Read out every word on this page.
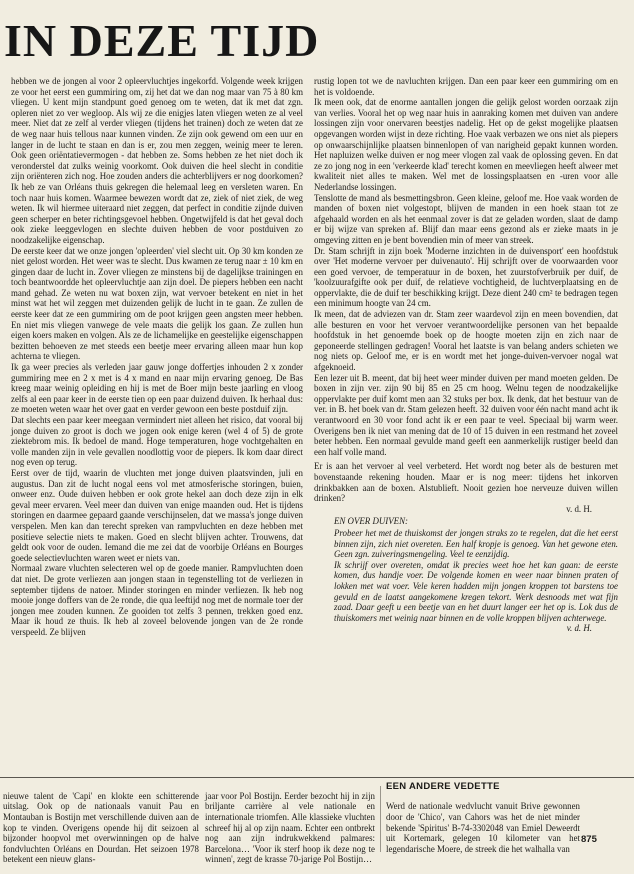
IN DEZE TIJD

hebben we de jongen al voor 2 opleervluchtjes ingekorfd. Volgende week krijgen ze voor het eerst een gummiring om, zij het dat we dan nog maar van 75 à 80 km vliegen. U kent mijn standpunt goed genoeg om te weten, dat ik met dat zgn. opleren niet zo ver wegloop. Als wij ze die enigjes laten vliegen weten ze al veel meer. Niet dat ze zelf al verder vliegen (tijdens het trainen) doch ze weten dat ze de weg naar huis tellous naar kunnen vinden. Ze zijn ook gewend om een uur en langer in de lucht te staan en dan is er, zou men zeggen, weinig meer te leren. Ook geen oriëntatievermogen - dat hebben ze. Soms hebben ze het niet doch ik veronderstel dat zulks weinig voorkomt. Ook duiven die heel slecht in conditie zijn oriënteren zich nog. Hoe zouden anders die achterblijvers er nog doorkomen? Ik heb ze van Orléans thuis gekregen die helemaal leeg en versleten waren. En toch naar huis komen. Waarmee bewezen wordt dat ze, ziek of niet ziek, de weg weten. Ik wil hiermee uiteraard niet zeggen, dat perfect in conditie zijnde duiven geen scherper en beter richtingsgevoel hebben. Ongetwijfeld is dat het geval doch ook zieke leeggevlogen en slechte duiven hebben de voor postduiven zo noodzakelijke eigenschap.

De eerste keer dat we onze jongen 'opleerden' viel slecht uit. Op 30 km konden ze niet gelost worden. Het weer was te slecht. Dus kwamen ze terug naar ± 10 km en gingen daar de lucht in. Zover vliegen ze minstens bij de dagelijkse trainingen en toch beantwoordde het opleervluchtje aan zijn doel. De piepers hebben een nacht mand gehad. Ze weten nu wat boxen zijn, wat vervoer betekent en niet in het minst wat het wil zeggen met duizenden gelijk de lucht in te gaan. Ze zullen de eerste keer dat ze een gummiring om de poot krijgen geen angsten meer hebben. En niet mis vliegen vanwege de vele maats die gelijk los gaan. Ze zullen hun eigen koers maken en volgen. Als ze de lichamelijke en geestelijke eigenschappen bezitten behoeven ze met steeds een beetje meer ervaring alleen maar hun kop achterna te vliegen.

Ik ga weer precies als verleden jaar gauw jonge doffertjes inhouden 2 x zonder gummiring mee en 2 x met is 4 x mand en naar mijn ervaring genoeg. De Bas kreeg maar weinig opleiding en hij is met de Boer mijn beste jaarling en vloog zelfs al een paar keer in de eerste tien op een paar duizend duiven. Ik herhaal dus: ze moeten weten waar het over gaat en verder gewoon een beste postduif zijn.

Dat slechts een paar keer meegaan vermindert niet alleen het risico, dat vooral bij jonge duiven zo groot is doch we jogen ook enige keren (wel 4 of 5) de grote ziektebrom mis. Ik bedoel de mand. Hoge temperaturen, hoge vochtgehalten en volle manden zijn in vele gevallen noodlottig voor de piepers. Ik kom daar direct nog even op terug.

Eerst over de tijd, waarin de vluchten met jonge duiven plaatsvinden, juli en augustus. Dan zit de lucht nogal eens vol met atmosferische storingen, buien, onweer enz. Oude duiven hebben er ook grote hekel aan doch deze zijn in elk geval meer ervaren. Veel meer dan duiven van enige maanden oud. Het is tijdens storingen en daarmee gepaard gaande verschijnselen, dat we massa's jonge duiven verspelen. Men kan dan terecht spreken van rampvluchten en deze hebben met positieve selectie niets te maken. Goed en slecht blijven achter. Trouwens, dat geldt ook voor de ouden. Iemand die me zei dat de voorbije Orléans en Bourges goede selectievluchten waren weet er niets van.

Normaal zware vluchten selecteren wel op de goede manier. Rampvluchten doen dat niet. De grote verliezen aan jongen staan in tegenstelling tot de verliezen in september tijdens de natoer. Minder storingen en minder verliezen. Ik heb nog mooie jonge doffers van de 2e ronde, die qua leeftijd nog met de normale toer der jongen mee zouden kunnen. Ze gooiden tot zelfs 3 pennen, trekken goed enz. Maar ik houd ze thuis. Ik heb al zoveel belovende jongen van de 2e ronde verspeeld. Ze blijven

rustig lopen tot we de navluchten krijgen. Dan een paar keer een gummiring om en het is voldoende.

Ik meen ook, dat de enorme aantallen jongen die gelijk gelost worden oorzaak zijn van verlies. Vooral het op weg naar huis in aanraking komen met duiven van andere lossingen zijn voor onervaren beestjes nadelig. Het op de gekst mogelijke plaatsen opgevangen worden wijst in deze richting. Hoe vaak verbazen we ons niet als piepers op onwaarschijnlijke plaatsen binnenlopen of van narigheid gepakt kunnen worden. Het napluizen welke duiven er nog meer vlogen zal vaak de oplossing geven. En dat ze zo jong nog in een 'verkeerde klad' terecht komen en meevliegen heeft alweer met kwaliteit niet alles te maken. Wel met de lossingsplaatsen en -uren voor alle Nederlandse lossingen.

Tenslotte de mand als besmettingsbron. Geen kleine, geloof me. Hoe vaak worden de manden of boxen niet volgestopt, blijven de manden in een hoek staan tot ze afgehaald worden en als het eenmaal zover is dat ze geladen worden, slaat de damp er bij wijze van spreken af. Blijf dan maar eens gezond als er zieke maats in je omgeving zitten en je bent bovendien min of meer van streek.

Dr. Stam schrijft in zijn boek 'Moderne inzichten in de duivensport' een hoofdstuk over 'Het moderne vervoer per duivenauto'. Hij schrijft over de voorwaarden voor een goed vervoer, de temperatuur in de boxen, het zuurstofverbruik per duif, de 'koolzuurafgifte ook per duif, de relatieve vochtigheid, de luchtverplaatsing en de oppervlakte, die de duif ter beschikking krijgt. Deze dient 240 cm² te bedragen tegen een minimum hoogte van 24 cm.

Ik meen, dat de adviezen van dr. Stam zeer waardevol zijn en meen bovendien, dat alle besturen en voor het vervoer verantwoordelijke personen van het bepaalde hoofdstuk in het genoemde boek op de hoogte moeten zijn en zich naar de geponeerde stellingen gedragen! Vooral het laatste is van belang anders schieten we nog niets op. Geloof me, er is en wordt met het jonge-duiven-vervoer nogal wat afgeknoeid.

Een lezer uit B. meent, dat bij heet weer minder duiven per mand moeten gelden. De boxen in zijn ver. zijn 90 bij 85 en 25 cm hoog. Welnu tegen de noodzakelijke oppervlakte per duif komt men aan 32 stuks per box. Ik denk, dat het bestuur van de ver. in B. het boek van dr. Stam gelezen heeft. 32 duiven voor één nacht mand acht ik verantwoord en 30 voor fond acht ik er een paar te veel. Speciaal bij warm weer. Overigens ben ik niet van mening dat de 10 of 15 duiven in een restmand het zoveel beter hebben. Een normaal gevulde mand geeft een aanmerkelijk rustiger beeld dan een half volle mand.

Er is aan het vervoer al veel verbeterd. Het wordt nog beter als de besturen met bovenstaande rekening houden. Maar er is nog meer: tijdens het inkorven drinkbakken aan de boxen. Alstublieft. Nooit gezien hoe nerveuze duiven willen drinken?

v. d. H.

EN OVER DUIVEN:

Probeer het met de thuiskomst der jongen straks zo te regelen, dat die het eerst binnen zijn, zich niet overeten. Een half kropje is genoeg. Van het gewone eten. Geen zgn. zuiveringsmengeling. Veel te eenzijdig.

Ik schrijf over overeten, omdat ik precies weet hoe het kan gaan: de eerste komen, dus handje voer. De volgende komen en weer naar binnen praten of lokken met wat voer. Vele keren hadden mijn jongen kroppen tot barstens toe gevuld en de laatst aangekomene kregen tekort. Werk desnoods met wat fijn zaad. Daar geeft u een beetje van en het duurt langer eer het op is. Lok dus de thuiskomers met weinig naar binnen en de volle kroppen blijven achterwege.

v. d. H.

nieuwe talent de 'Capi' en klokte een schitterende uitslag. Ook op de nationaals vanuit Pau en Montauban is Bostijn met verschillende duiven aan de kop te vinden. Overigens opende hij dit seizoen al bijzonder hoopvol met overwinningen op de halve fondvluchten Orléans en Dourdan. Het seizoen 1978 betekent een nieuw glans-

jaar voor Pol Bostijn. Eerder bezocht hij in zijn briljante carrière al vele nationale en internationale triomfen. Alle klassieke vluchten schreef hij al op zijn naam. Echter een ontbrekt nog aan zijn indrukwekkend palmares: Barcelona… 'Voor ik sterf hoop ik deze nog te winnen', zegt de krasse 70-jarige Pol Bostijn…

EEN ANDERE VEDETTE

Werd de nationale wedvlucht vanuit Brive gewonnen door de 'Chico', van Cahors was het de niet minder bekende 'Spiritus' B-74-3302048 van Emiel Deweerdt uit Kortemark, gelegen 10 kilometer van het legendarische Moere, de streek die het walhalla van

875
